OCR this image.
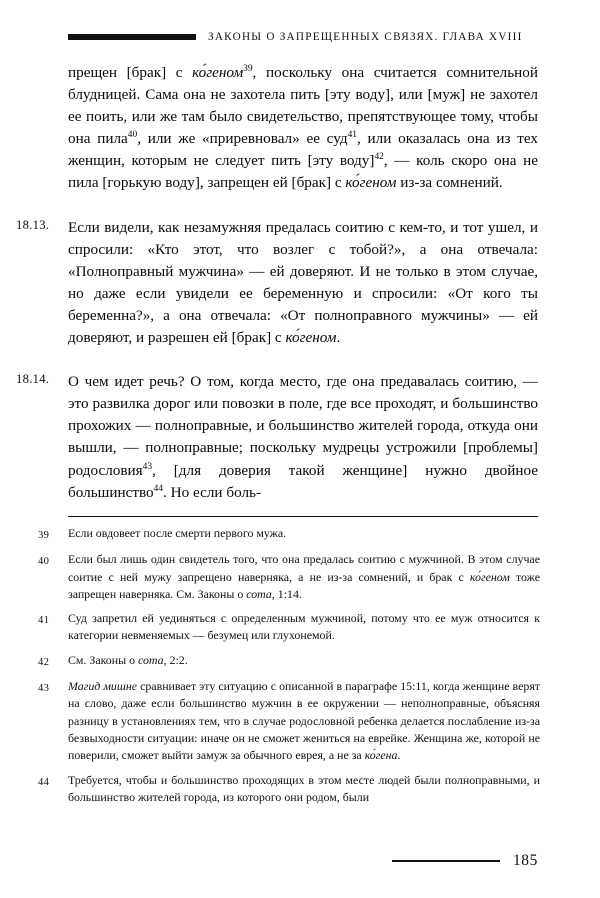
ЗАКОНЫ О ЗАПРЕЩЕННЫХ СВЯЗЯХ. ГЛАВА XVIII

прещен [брак] с ко́геном$^{39}$, поскольку она считается сомнительной блудницей. Сама она не захотела пить [эту воду], или [муж] не захотел ее поить, или же там было свидетельство, препятствующее тому, чтобы она пила$^{40}$, или же «приревновал» ее суд$^{41}$, или оказалась она из тех женщин, которым не следует пить [эту воду]$^{42}$, — коль скоро она не пила [горькую воду], запрещен ей [брак] с ко́геном из-за сомнений.

18.13.	Если видели, как незамужняя предалась соитию с кем-то, и тот ушел, и спросили: «Кто этот, что возлег с тобой?», а она отвечала: «Полноправный мужчина» — ей доверяют. И не только в этом случае, но даже если увидели ее беременную и спросили: «От кого ты беременна?», а она отвечала: «От полноправного мужчины» — ей доверяют, и разрешен ей [брак] с ко́геном.
18.14.	О чем идет речь? О том, когда место, где она предавалась соитию, — это развилка дорог или повозки в поле, где все проходят, и большинство прохожих — полноправные, и большинство жителей города, откуда они вышли, — полноправные; поскольку мудрецы устрожили [проблемы] родословия$^{43}$, [для доверия такой женщине] нужно двойное большинство$^{44}$. Но если боль-
39	Если овдовеет после смерти первого мужа.
40	Если был лишь один свидетель того, что она предалась соитию с мужчиной. В этом случае соитие с ней мужу запрещено наверняка, а не из-за сомнений, и брак с ко́геном тоже запрещен наверняка. См. Законы о сота, 1:14.
41	Суд запретил ей уединяться с определенным мужчиной, потому что ее муж относится к категории невменяемых — безумец или глухонемой.
42	См. Законы о сота, 2:2.
43	Магид мишне сравнивает эту ситуацию с описанной в параграфе 15:11, когда женщине верят на слово, даже если большинство мужчин в ее окружении — неполноправные, объясняя разницу в установлениях тем, что в случае родословной ребенка делается послабление из-за безвыходности ситуации: иначе он не сможет жениться на еврейке. Женщина же, которой не поверили, сможет выйти замуж за обычного еврея, а не за ко́гена.
44	Требуется, чтобы и большинство проходящих в этом месте людей были полноправными, и большинство жителей города, из которого они родом, были
185
